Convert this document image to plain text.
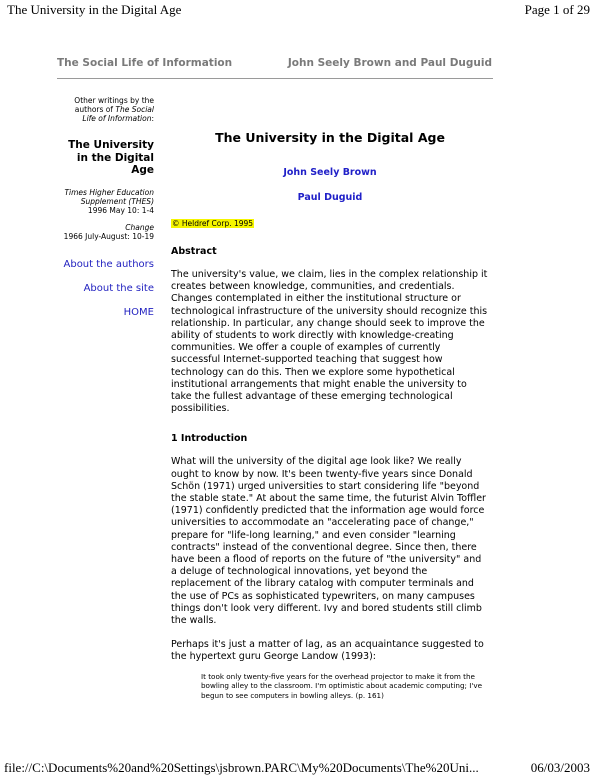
The University in the Digital Age	Page 1 of 29
The Social Life of Information	John Seely Brown and Paul Duguid
Other writings by the authors of The Social Life of Information:
The University in the Digital Age
Times Higher Education Supplement (THES)
1996 May 10: 1-4
Change
1966 July-August: 10-19
About the authors
About the site
HOME
The University in the Digital Age
John Seely Brown
Paul Duguid
© Heldref Corp. 1995
Abstract

The university's value, we claim, lies in the complex relationship it creates between knowledge, communities, and credentials. Changes contemplated in either the institutional structure or technological infrastructure of the university should recognize this relationship. In particular, any change should seek to improve the ability of students to work directly with knowledge-creating communities. We offer a couple of examples of currently successful Internet-supported teaching that suggest how technology can do this. Then we explore some hypothetical institutional arrangements that might enable the university to take the fullest advantage of these emerging technological possibilities.

1 Introduction

What will the university of the digital age look like? We really ought to know by now. It's been twenty-five years since Donald Schön (1971) urged universities to start considering life "beyond the stable state." At about the same time, the futurist Alvin Toffler (1971) confidently predicted that the information age would force universities to accommodate an "accelerating pace of change," prepare for "life-long learning," and even consider "learning contracts" instead of the conventional degree. Since then, there have been a flood of reports on the future of "the university" and a deluge of technological innovations, yet beyond the replacement of the library catalog with computer terminals and the use of PCs as sophisticated typewriters, on many campuses things don't look very different. Ivy and bored students still climb the walls.

Perhaps it's just a matter of lag, as an acquaintance suggested to the hypertext guru George Landow (1993):

It took only twenty-five years for the overhead projector to make it from the bowling alley to the classroom. I'm optimistic about academic computing; I've begun to see computers in bowling alleys. (p. 161)

file://C:\Documents%20and%20Settings\jsbrown.PARC\My%20Documents\The%20Uni...	06/03/2003
